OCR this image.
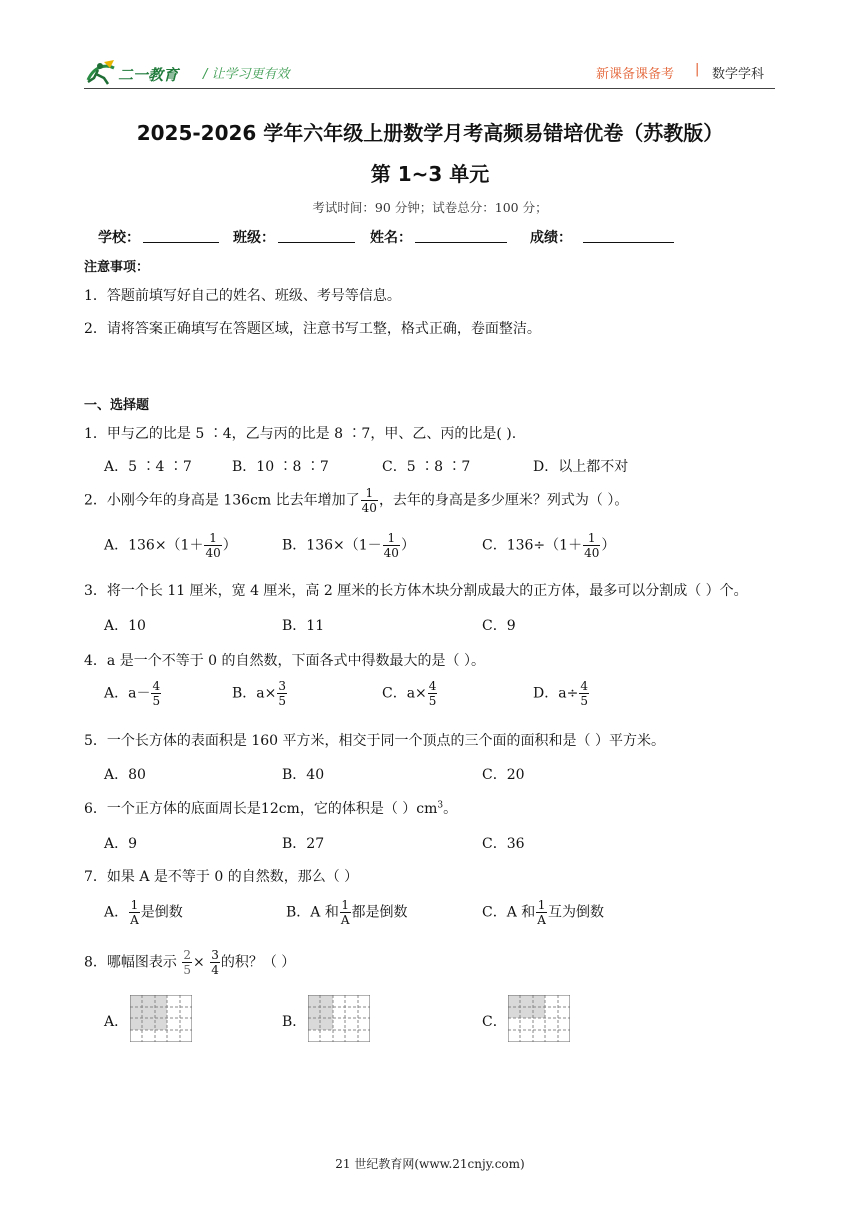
二一教育 / 让学习更有效	新课备课备考 | 数学学科
2025-2026 学年六年级上册数学月考高频易错培优卷（苏教版）
第 1~3 单元
考试时间：90 分钟；试卷总分：100 分；
学校：	班级：	姓名：	成绩：
注意事项：
1．答题前填写好自己的姓名、班级、考号等信息。
2．请将答案正确填写在答题区域，注意书写工整，格式正确，卷面整洁。
一、选择题
1．甲与乙的比是 5 ∶4，乙与丙的比是 8 ∶7，甲、乙、丙的比是( ).
A．5 ∶4 ∶7	B．10 ∶8 ∶7	C．5 ∶8 ∶7	D．以上都不对
2．小刚今年的身高是 136cm 比去年增加了 $\frac{1}{40}$ ，去年的身高是多少厘米？列式为（ ）。
A．$136\times(1+ \frac{1}{40}$ ）	B．$136\times(1- \frac{1}{40}$ ）	C．$136\div(1+ \frac{1}{40}$ ）
3．将一个长 11 厘米，宽 4 厘米，高 2 厘米的长方体木块分割成最大的正方体，最多可以分割成（ ）个。
A．10	B．11	C．9
4．a 是一个不等于 0 的自然数，下面各式中得数最大的是（ ）。
A．$a- \frac{4}{5}$	B．$a\times \frac{3}{5}$	C．$a\times \frac{4}{5}$	D．$a\div \frac{4}{5}$
5．一个长方体的表面积是 160 平方米，相交于同一个顶点的三个面的面积和是（ ）平方米。
A．80	B．40	C．20
6．一个正方体的底面周长是12cm，它的体积是（ ）$cm^3$。
A．9	B．27	C．36
7．如果 A 是不等于 0 的自然数，那么（ ）
A． $\frac{1}{A}$ 是倒数	B．A 和 $\frac{1}{A}$ 都是倒数	C．A 和 $\frac{1}{A}$ 互为倒数
8．哪幅图表示 $\frac{2}{5} \times \frac{3}{4}$ 的积？（ ）
A．	B．	C．
21 世纪教育网(www.21cnjy.com)
